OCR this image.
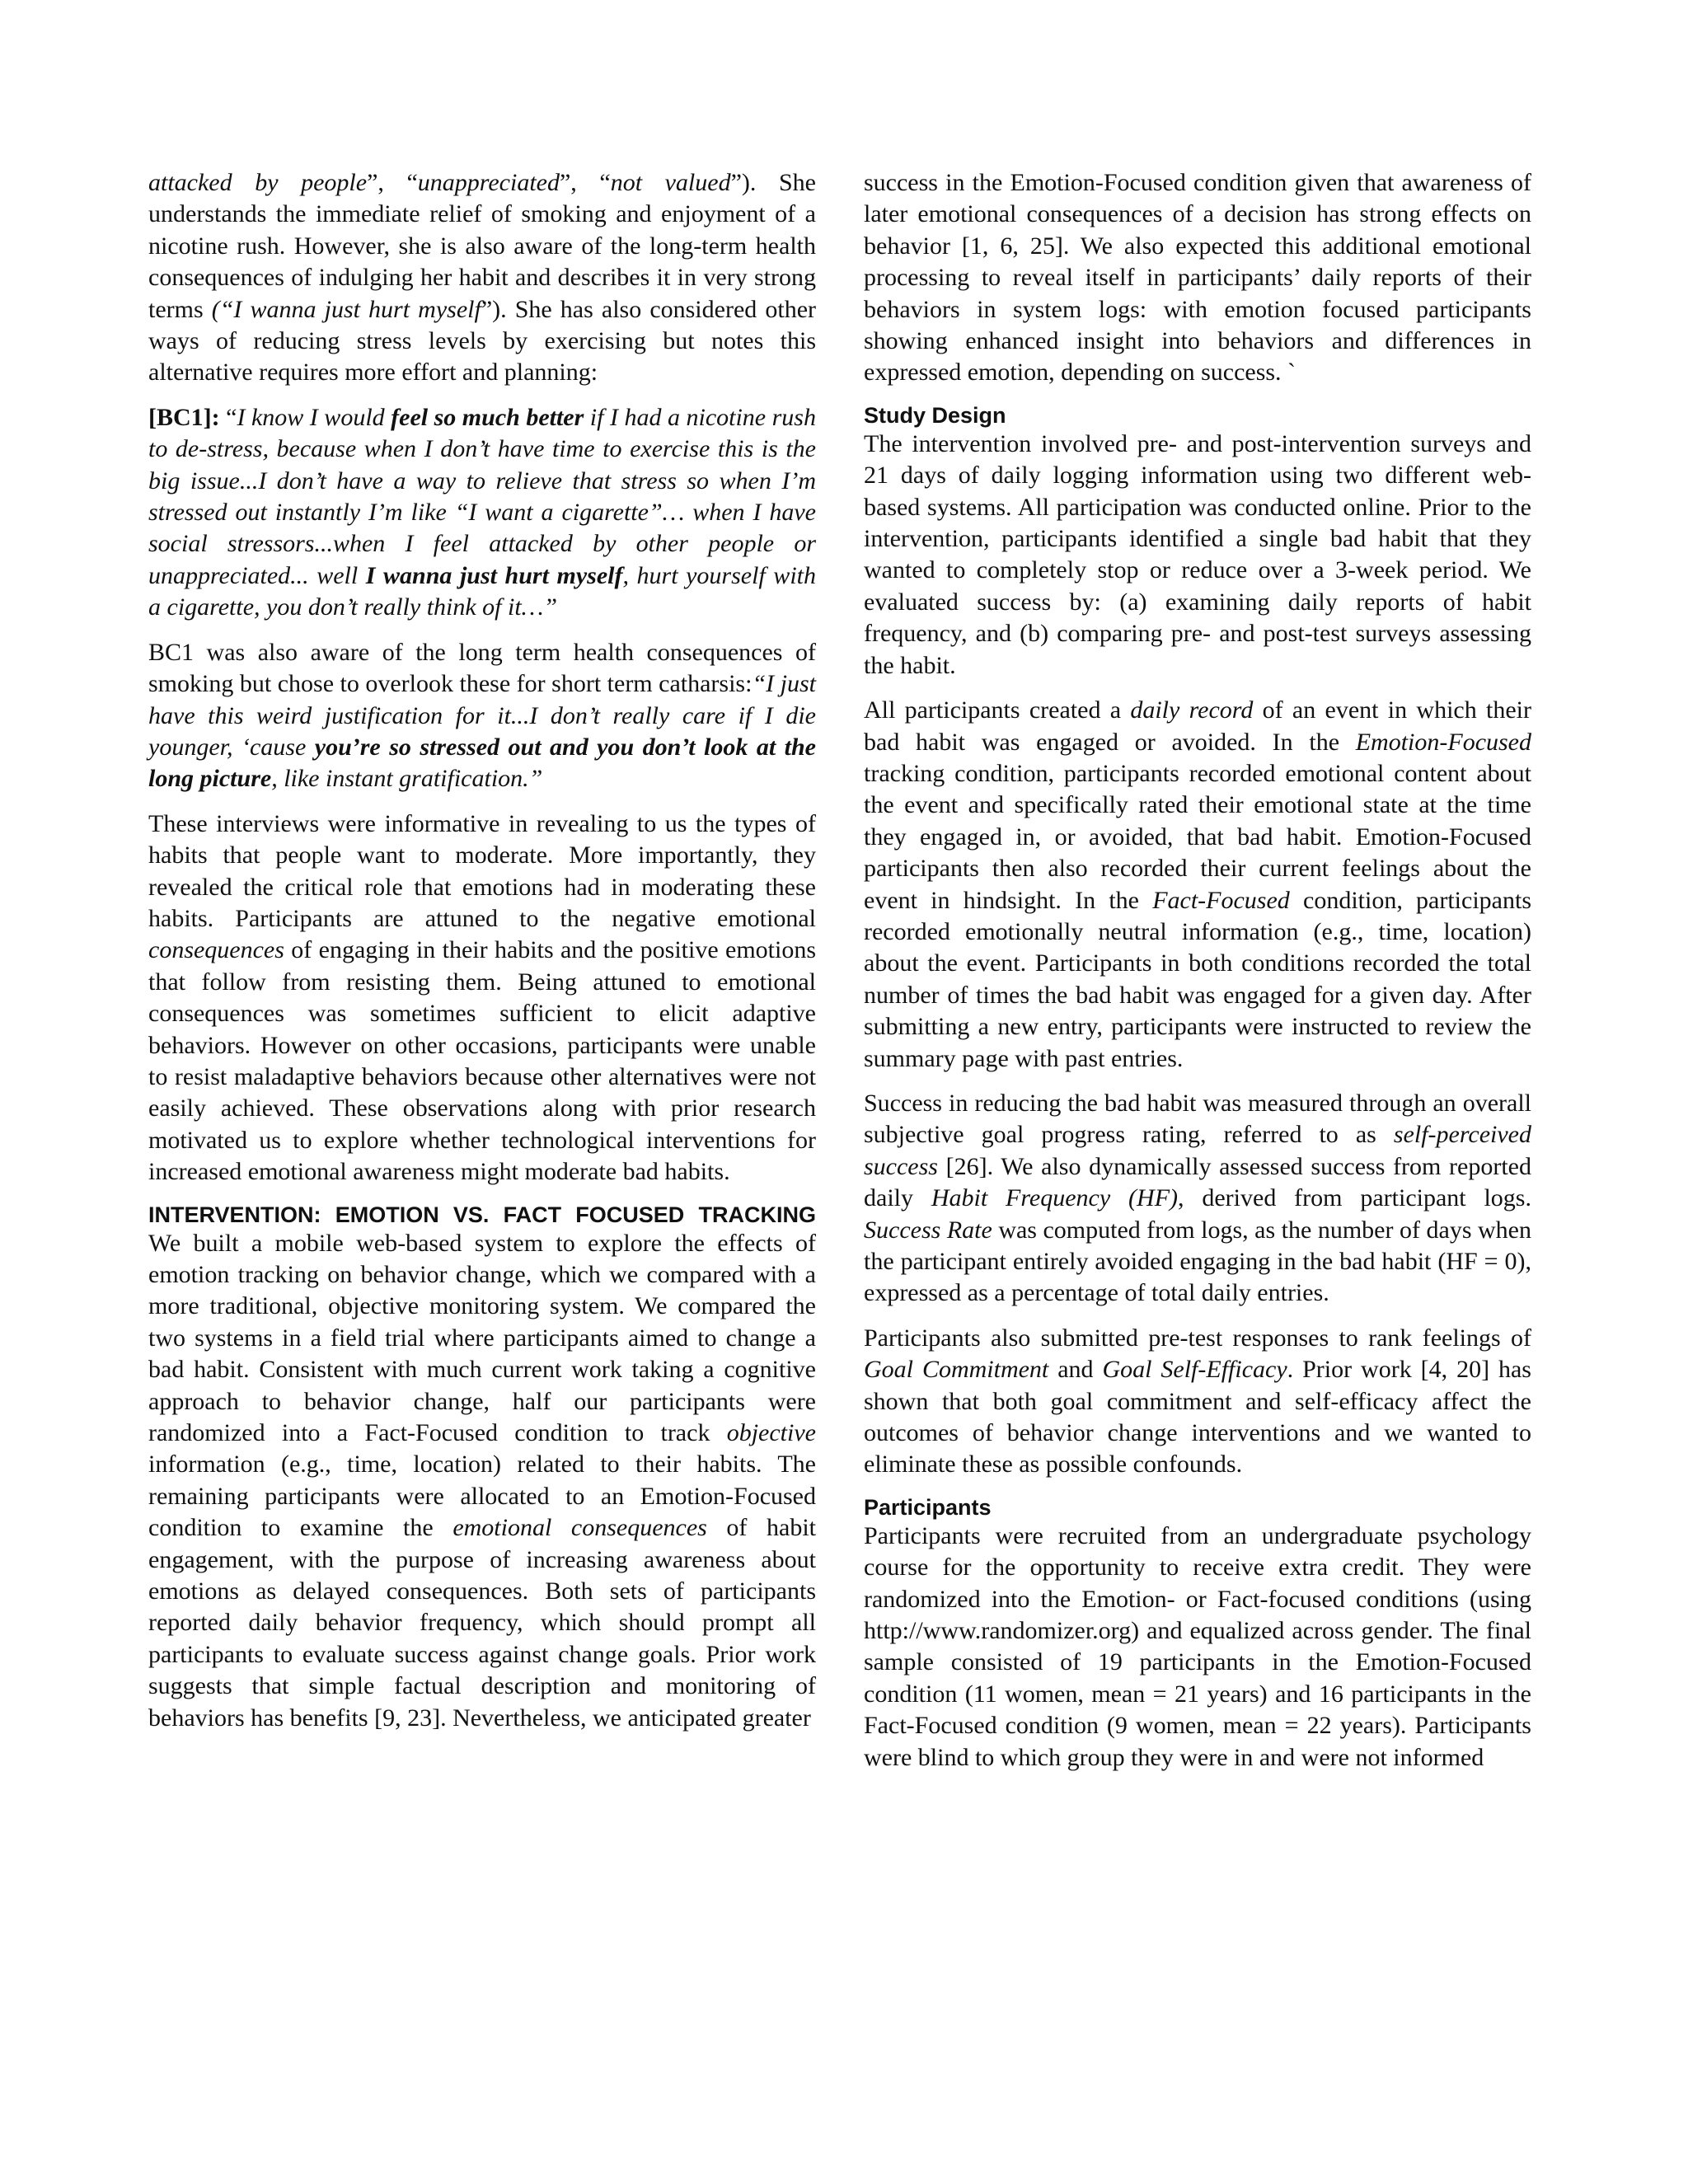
attacked by people”, “unappreciated”, “not valued”). She understands the immediate relief of smoking and enjoyment of a nicotine rush. However, she is also aware of the long-term health consequences of indulging her habit and describes it in very strong terms (“I wanna just hurt myself”). She has also considered other ways of reducing stress levels by exercising but notes this alternative requires more effort and planning:

[BC1]: “I know I would feel so much better if I had a nicotine rush to de-stress, because when I don’t have time to exercise this is the big issue...I don’t have a way to relieve that stress so when I’m stressed out instantly I’m like “I want a cigarette”… when I have social stressors...when I feel attacked by other people or unappreciated... well I wanna just hurt myself, hurt yourself with a cigarette, you don’t really think of it…”

BC1 was also aware of the long term health consequences of smoking but chose to overlook these for short term catharsis:“I just have this weird justification for it...I don’t really care if I die younger, ‘cause you’re so stressed out and you don’t look at the long picture, like instant gratification.”

These interviews were informative in revealing to us the types of habits that people want to moderate. More importantly, they revealed the critical role that emotions had in moderating these habits. Participants are attuned to the negative emotional consequences of engaging in their habits and the positive emotions that follow from resisting them. Being attuned to emotional consequences was sometimes sufficient to elicit adaptive behaviors. However on other occasions, participants were unable to resist maladaptive behaviors because other alternatives were not easily achieved. These observations along with prior research motivated us to explore whether technological interventions for increased emotional awareness might moderate bad habits.

INTERVENTION: EMOTION VS. FACT FOCUSED TRACKING

We built a mobile web-based system to explore the effects of emotion tracking on behavior change, which we compared with a more traditional, objective monitoring system. We compared the two systems in a field trial where participants aimed to change a bad habit. Consistent with much current work taking a cognitive approach to behavior change, half our participants were randomized into a Fact-Focused condition to track objective information (e.g., time, location) related to their habits. The remaining participants were allocated to an Emotion-Focused condition to examine the emotional consequences of habit engagement, with the purpose of increasing awareness about emotions as delayed consequences. Both sets of participants reported daily behavior frequency, which should prompt all participants to evaluate success against change goals. Prior work suggests that simple factual description and monitoring of behaviors has benefits [9, 23]. Nevertheless, we anticipated greater

success in the Emotion-Focused condition given that awareness of later emotional consequences of a decision has strong effects on behavior [1, 6, 25]. We also expected this additional emotional processing to reveal itself in participants’ daily reports of their behaviors in system logs: with emotion focused participants showing enhanced insight into behaviors and differences in expressed emotion, depending on success. `

Study Design

The intervention involved pre- and post-intervention surveys and 21 days of daily logging information using two different web-based systems. All participation was conducted online. Prior to the intervention, participants identified a single bad habit that they wanted to completely stop or reduce over a 3-week period. We evaluated success by: (a) examining daily reports of habit frequency, and (b) comparing pre- and post-test surveys assessing the habit.

All participants created a daily record of an event in which their bad habit was engaged or avoided. In the Emotion-Focused tracking condition, participants recorded emotional content about the event and specifically rated their emotional state at the time they engaged in, or avoided, that bad habit. Emotion-Focused participants then also recorded their current feelings about the event in hindsight. In the Fact-Focused condition, participants recorded emotionally neutral information (e.g., time, location) about the event. Participants in both conditions recorded the total number of times the bad habit was engaged for a given day. After submitting a new entry, participants were instructed to review the summary page with past entries.

Success in reducing the bad habit was measured through an overall subjective goal progress rating, referred to as self-perceived success [26]. We also dynamically assessed success from reported daily Habit Frequency (HF), derived from participant logs. Success Rate was computed from logs, as the number of days when the participant entirely avoided engaging in the bad habit (HF = 0), expressed as a percentage of total daily entries.

Participants also submitted pre-test responses to rank feelings of Goal Commitment and Goal Self-Efficacy. Prior work [4, 20] has shown that both goal commitment and self-efficacy affect the outcomes of behavior change interventions and we wanted to eliminate these as possible confounds.

Participants

Participants were recruited from an undergraduate psychology course for the opportunity to receive extra credit. They were randomized into the Emotion- or Fact-focused conditions (using http://www.randomizer.org) and equalized across gender. The final sample consisted of 19 participants in the Emotion-Focused condition (11 women, mean = 21 years) and 16 participants in the Fact-Focused condition (9 women, mean = 22 years). Participants were blind to which group they were in and were not informed
